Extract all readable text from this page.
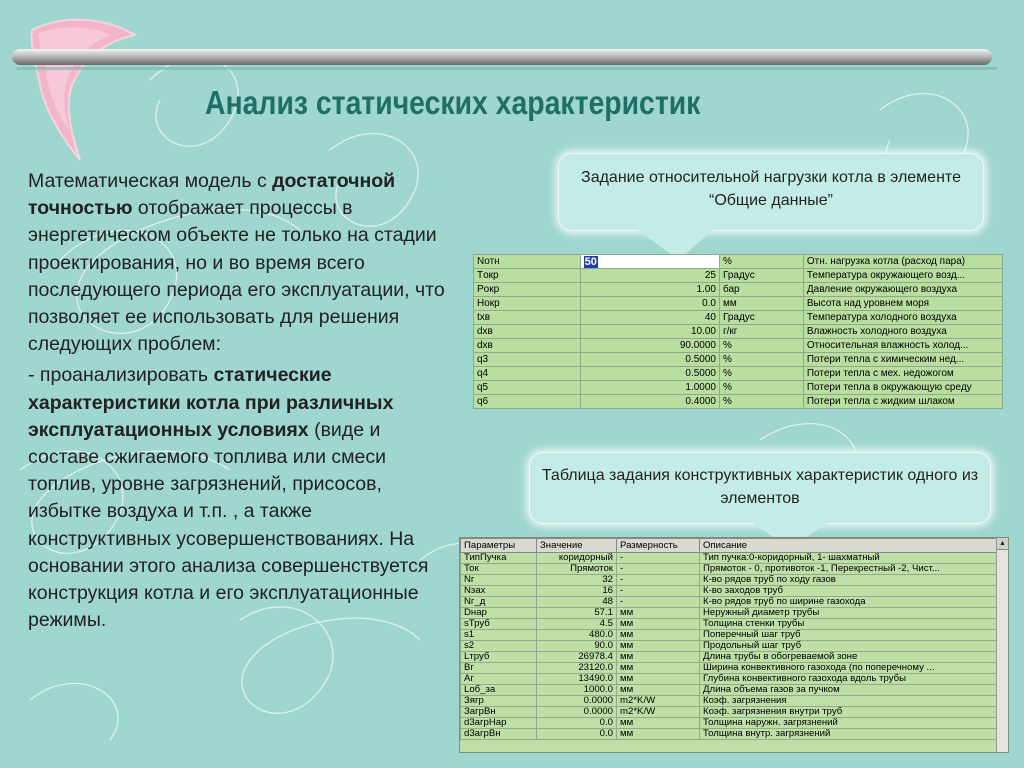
Анализ статических характеристик

Математическая модель с достаточной точностью отображает процессы в энергетическом объекте не только на стадии проектирования, но и во время всего последующего периода его эксплуатации, что позволяет ее использовать для решения следующих проблем:

- проанализировать статические характеристики котла при различных эксплуатационных условиях (виде и составе сжигаемого топлива или смеси топлив, уровне загрязнений, присосов, избытке воздуха и т.п. , а также конструктивных усовершенствованиях. На основании этого анализа совершенствуется конструкция котла и его эксплуатационные режимы.

Задание относительной нагрузки котла в элементе “Общие данные”
Nотн	50	%	Отн. нагрузка котла (расход пара)
Tокр	25	Градус	Температура окружающего возд...
Pокр	1.00	бар	Давление окружающего воздуха
Hокр	0.0	мм	Высота над уровнем моря
txв	40	Градус	Температура холодного воздуха
dxв	10.00	г/кг	Влажность холодного воздуха
dxв	90.0000	%	Относительная влажность холод...
q3	0.5000	%	Потери тепла с химическим нед...
q4	0.5000	%	Потери тепла с мех. недожогом
q5	1.0000	%	Потери тепла в окружающую среду
q6	0.4000	%	Потери тепла с жидким шлаком
Таблица задания конструктивных характеристик одного из элементов
Параметры	Значение	Размерность	Описание
ТипПучка	коридорный	-	Тип пучка:0-коридорный, 1- шахматный
Ток	Прямоток	-	Прямоток - 0, противоток -1, Перекрестный -2, Чист...
Nг	32	-	К-во рядов труб по ходу газов
Nзах	16	-	К-во заходов труб
Nг_д	48	-	К-во рядов труб по ширине газохода
Dнар	57.1	мм	Неружный диаметр трубы
sТруб	4.5	мм	Толщина стенки трубы
s1	480.0	мм	Поперечный шаг труб
s2	90.0	мм	Продольный шаг труб
Lтруб	26978.4	мм	Длина трубы в обогреваемой зоне
Вг	23120.0	мм	Ширина конвективного газохода (по поперечному ...
Аг	13490.0	мм	Глубина конвективного газохода вдоль трубы
Lоб_за	1000.0	мм	Длина объема газов за пучком
Зягр	0.0000	m2*K/W	Коэф. загрязнения
ЗагрВн	0.0000	m2*K/W	Коэф. загрязнения внутри труб
d3агрНар	0.0	мм	Толщина наружн. загрязнений
d3агрВн	0.0	мм	Толщина внутр. загрязнений
▲
